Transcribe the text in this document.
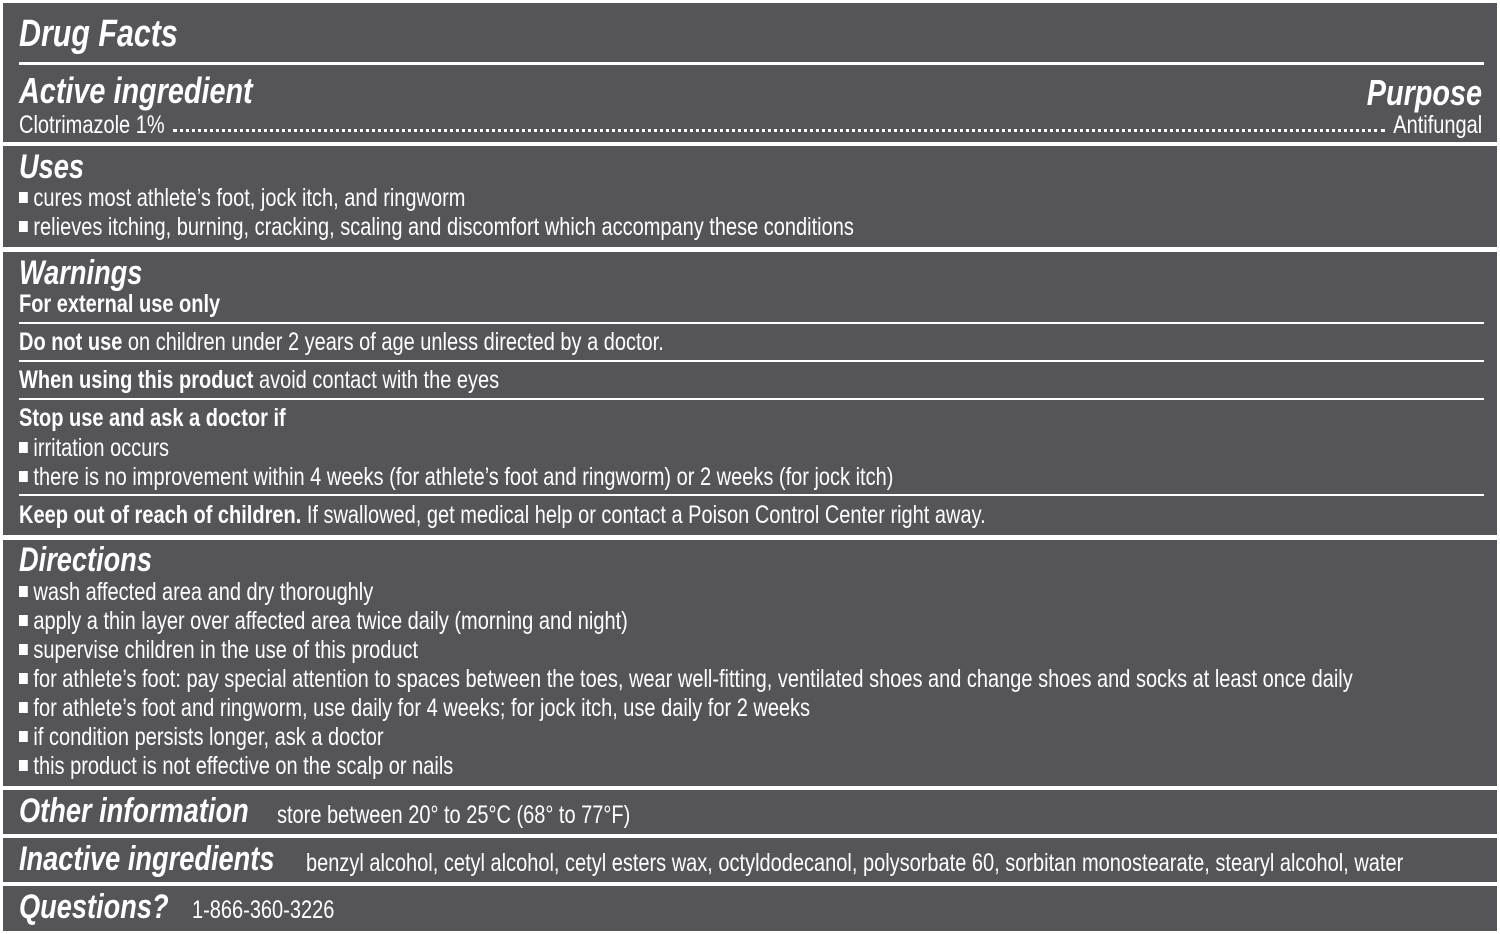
Drug Facts
Active ingredient	Purpose
Clotrimazole 1%	Antifungal
Uses
cures most athlete’s foot, jock itch, and ringworm
relieves itching, burning, cracking, scaling and discomfort which accompany these conditions
Warnings
For external use only
Do not use on children under 2 years of age unless directed by a doctor.
When using this product avoid contact with the eyes
Stop use and ask a doctor if
irritation occurs
there is no improvement within 4 weeks (for athlete’s foot and ringworm) or 2 weeks (for jock itch)
Keep out of reach of children. If swallowed, get medical help or contact a Poison Control Center right away.
Directions
wash affected area and dry thoroughly
apply a thin layer over affected area twice daily (morning and night)
supervise children in the use of this product
for athlete’s foot: pay special attention to spaces between the toes, wear well-fitting, ventilated shoes and change shoes and socks at least once daily
for athlete’s foot and ringworm, use daily for 4 weeks; for jock itch, use daily for 2 weeks
if condition persists longer, ask a doctor
this product is not effective on the scalp or nails
Other information store between 20° to 25°C (68° to 77°F)
Inactive ingredients benzyl alcohol, cetyl alcohol, cetyl esters wax, octyldodecanol, polysorbate 60, sorbitan monostearate, stearyl alcohol, water
Questions? 1-866-360-3226
